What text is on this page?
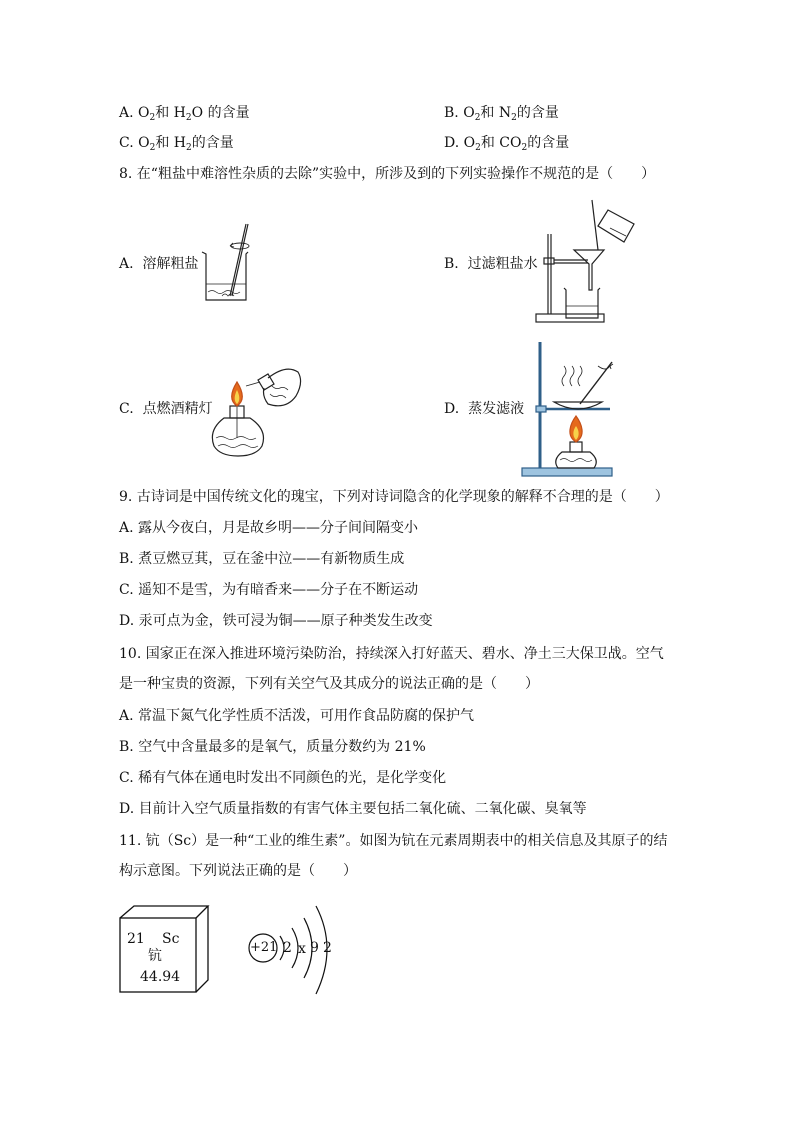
A. $O_2$和 $H_2O$ 的含量	B. $O_2$和 $N_2$的含量
C. $O_2$和 $H_2$的含量	D. $O_2$和 $CO_2$的含量
8. 在“粗盐中难溶性杂质的去除”实验中，所涉及到的下列实验操作不规范的是（　　）
A. 溶解粗盐	B. 过滤粗盐水
C. 点燃酒精灯	D. 蒸发滤液
9. 古诗词是中国传统文化的瑰宝，下列对诗词隐含的化学现象的解释不合理的是（　　）
A. 露从今夜白，月是故乡明——分子间间隔变小
B. 煮豆燃豆萁，豆在釜中泣——有新物质生成
C. 遥知不是雪，为有暗香来——分子在不断运动
D. 汞可点为金，铁可浸为铜——原子种类发生改变
10. 国家正在深入推进环境污染防治，持续深入打好蓝天、碧水、净土三大保卫战。空气
是一种宝贵的资源，下列有关空气及其成分的说法正确的是（　　）
A. 常温下氮气化学性质不活泼，可用作食品防腐的保护气
B. 空气中含量最多的是氧气，质量分数约为 21%
C. 稀有气体在通电时发出不同颜色的光，是化学变化
D. 目前计入空气质量指数的有害气体主要包括二氧化硫、二氧化碳、臭氧等
11. 钪（Sc）是一种“工业的维生素”。如图为钪在元素周期表中的相关信息及其原子的结
构示意图。下列说法正确的是（　　）
21 Sc
钪
44.94
+21 2 x 9 2
